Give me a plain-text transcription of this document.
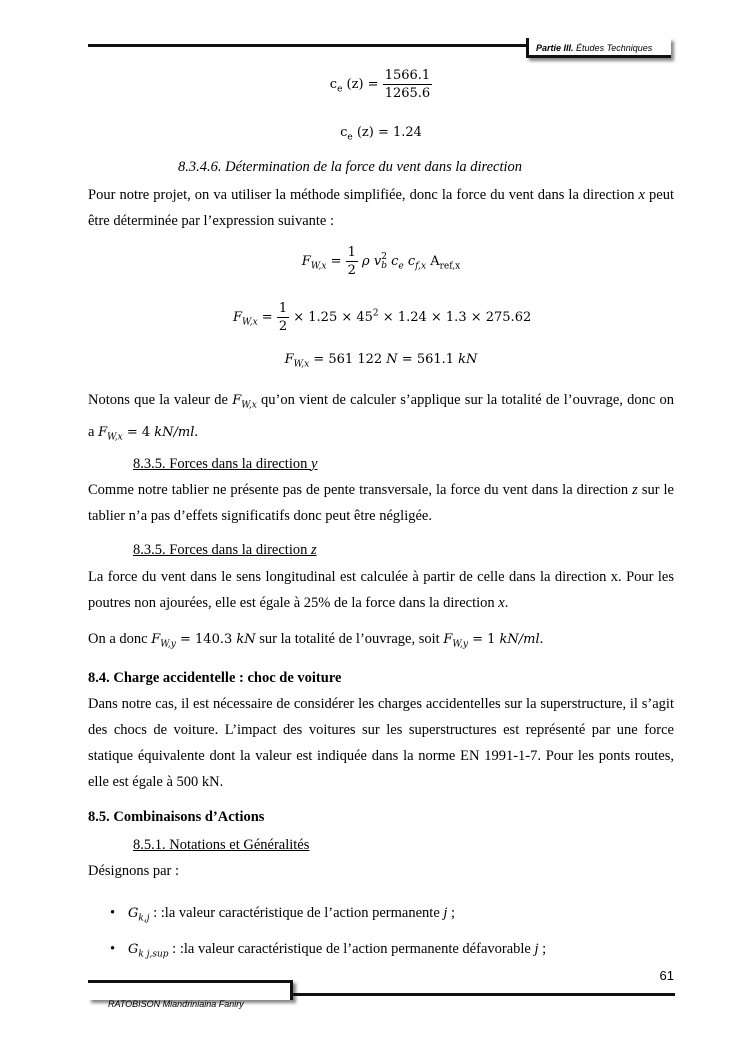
Partie III. Études Techniques
$c_e$ $(z) = \frac{1566.1}{1265.6}$
$c_e$ (z) = 1.24
8.3.4.6. Détermination de la force du vent dans la direction
Pour notre projet, on va utiliser la méthode simplifiée, donc la force du vent dans la direction x peut être déterminée par l’expression suivante :
$F_{W,x} = \frac{1}{2}$ ρ v 2
b $c_e$ $c_{f,x}$ $A_{ref,x}$
$F_{W,x} = \frac{1}{2} \times 1.25 \times 45^2 \times 1.24 \times 1.3 \times 275.62$
$F_{W,x} = 561$ 122 N = 561.1 kN
Notons que la valeur de $F_{W,x}$ qu’on vient de calculer s’applique sur la totalité de l’ouvrage, donc on a $F_{W,x} = 4$ kN/ml.
8.3.5. Forces dans la direction y
Comme notre tablier ne présente pas de pente transversale, la force du vent dans la direction z sur le tablier n’a pas d’effets significatifs donc peut être négligée.
8.3.5. Forces dans la direction z
La force du vent dans le sens longitudinal est calculée à partir de celle dans la direction x. Pour les poutres non ajourées, elle est égale à 25% de la force dans la direction x.
On a donc $F_{W,y} = 140.3$ kN sur la totalité de l’ouvrage, soit $F_{W,y} = 1$ kN/ml.
8.4. Charge accidentelle : choc de voiture
Dans notre cas, il est nécessaire de considérer les charges accidentelles sur la superstructure, il s’agit des chocs de voiture. L’impact des voitures sur les superstructures est représenté par une force statique équivalente dont la valeur est indiquée dans la norme EN 1991-1-7. Pour les ponts routes, elle est égale à 500 kN.
8.5. Combinaisons d’Actions
8.5.1. Notations et Généralités
Désignons par :
• $G_{k,j}$ : :la valeur caractéristique de l’action permanente j ;
• $G_{k j,sup}$ : :la valeur caractéristique de l’action permanente défavorable j ;
61
RATOBISON Miandriniaina Faniry
